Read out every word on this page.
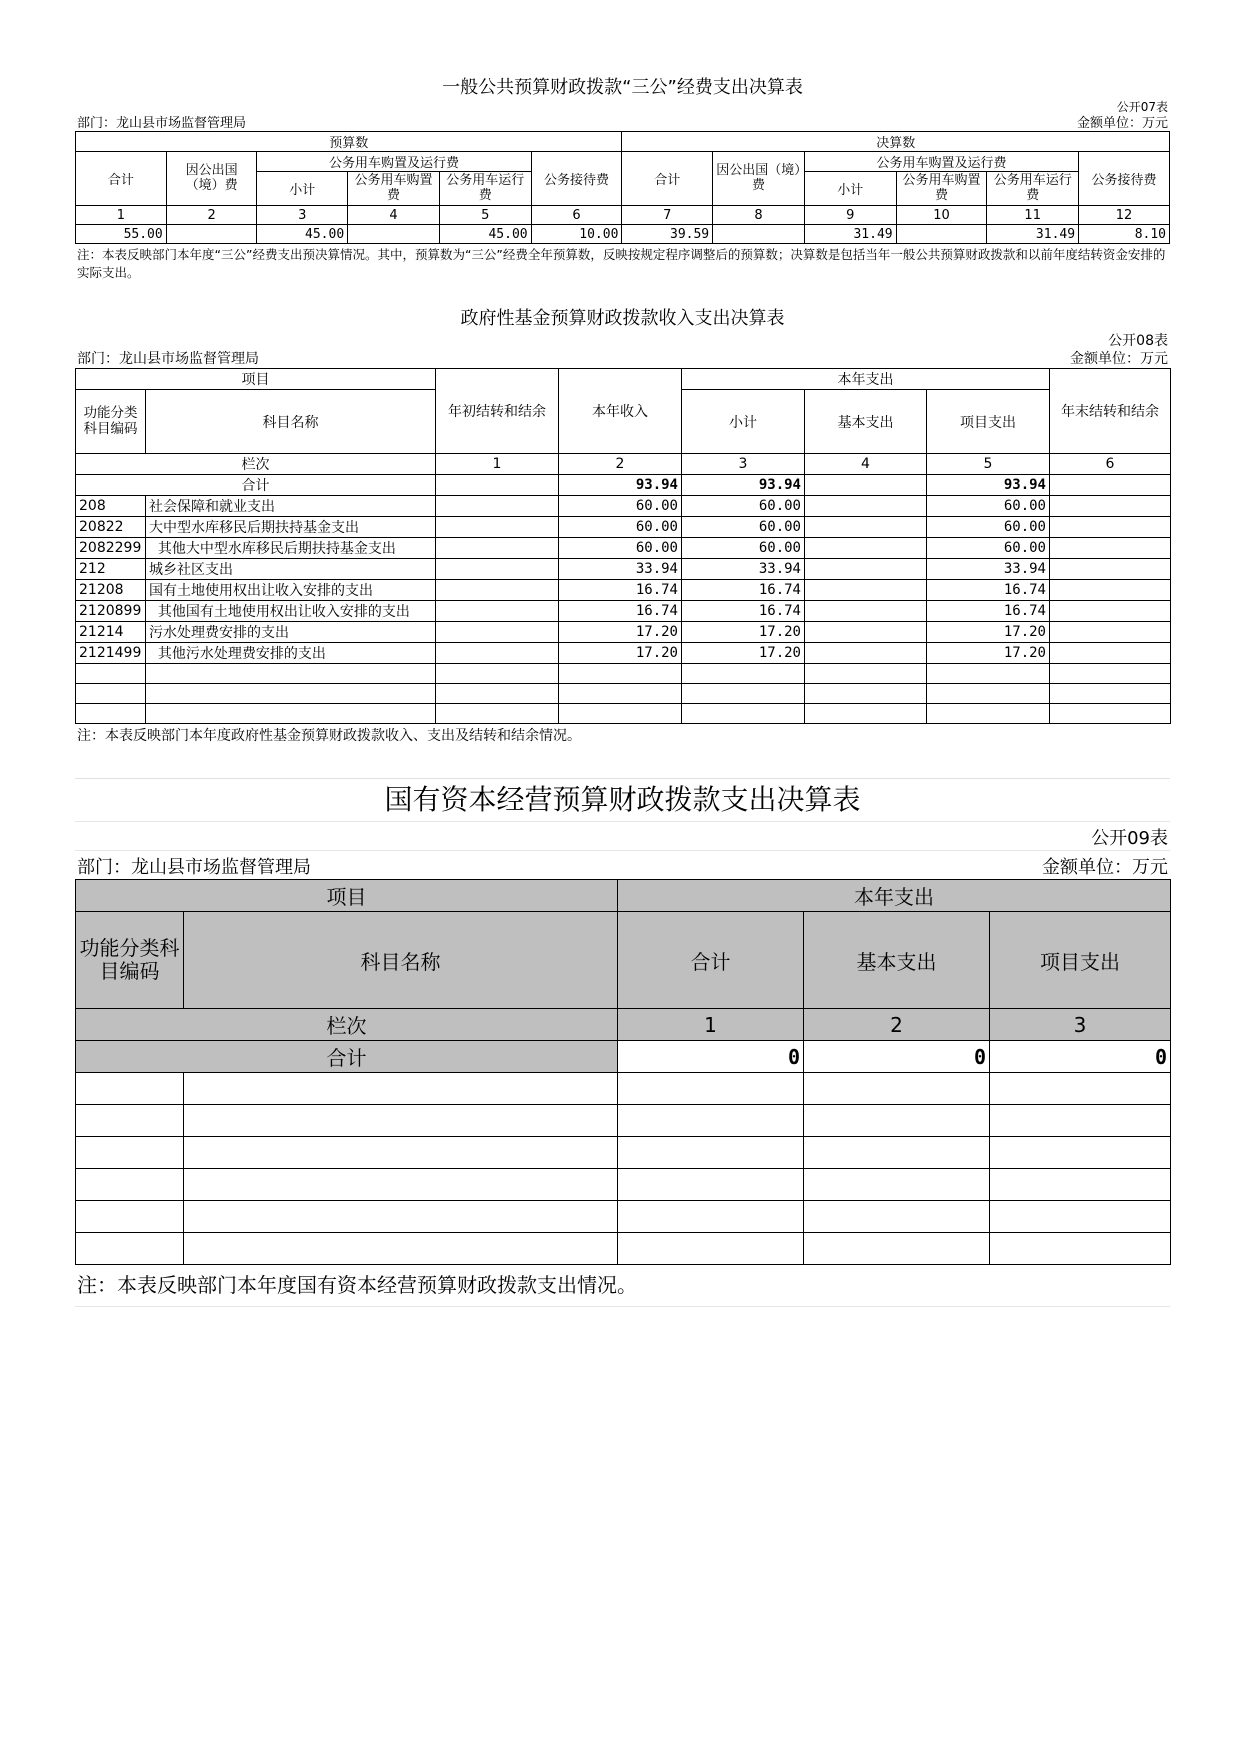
一般公共预算财政拨款“三公”经费支出决算表
公开07表
部门：龙山县市场监督管理局	金额单位：万元
预算数						决算数					
合计	因公出国（境）费	公务用车购置及运行费			公务接待费	合计	因公出国（境）费	公务用车购置及运行费			公务接待费
		小计	公务用车购置费	公务用车运行费				小计	公务用车购置费	公务用车运行费	
1	2	3	4	5	6	7	8	9	10	11	12
55.00		45.00		45.00	10.00	39.59		31.49		31.49	8.10
注：本表反映部门本年度“三公”经费支出预决算情况。其中，预算数为“三公”经费全年预算数，反映按规定程序调整后的预算数；决算数是包括当年一般公共预算财政拨款和以前年度结转资金安排的实际支出。
政府性基金预算财政拨款收入支出决算表
公开08表
部门：龙山县市场监督管理局	金额单位：万元
项目		年初结转和结余	本年收入	本年支出			年末结转和结余
功能分类科目编码	科目名称			小计	基本支出	项目支出	

栏次		1	2	3	4	5	6
合计			93.94	93.94		93.94	
208	社会保障和就业支出		60.00	60.00		60.00	
20822	大中型水库移民后期扶持基金支出		60.00	60.00		60.00	
2082299	其他大中型水库移民后期扶持基金支出		60.00	60.00		60.00	
212	城乡社区支出		33.94	33.94		33.94	
21208	国有土地使用权出让收入安排的支出		16.74	16.74		16.74	
2120899	其他国有土地使用权出让收入安排的支出		16.74	16.74		16.74	
21214	污水处理费安排的支出		17.20	17.20		17.20	
2121499	其他污水处理费安排的支出		17.20	17.20		17.20	

注：本表反映部门本年度政府性基金预算财政拨款收入、支出及结转和结余情况。
国有资本经营预算财政拨款支出决算表
公开09表
部门：龙山县市场监督管理局	金额单位：万元
项目		本年支出		
功能分类科目编码	科目名称	合计	基本支出	项目支出
栏次		1	2	3
合计		0	0	0

注：本表反映部门本年度国有资本经营预算财政拨款支出情况。
